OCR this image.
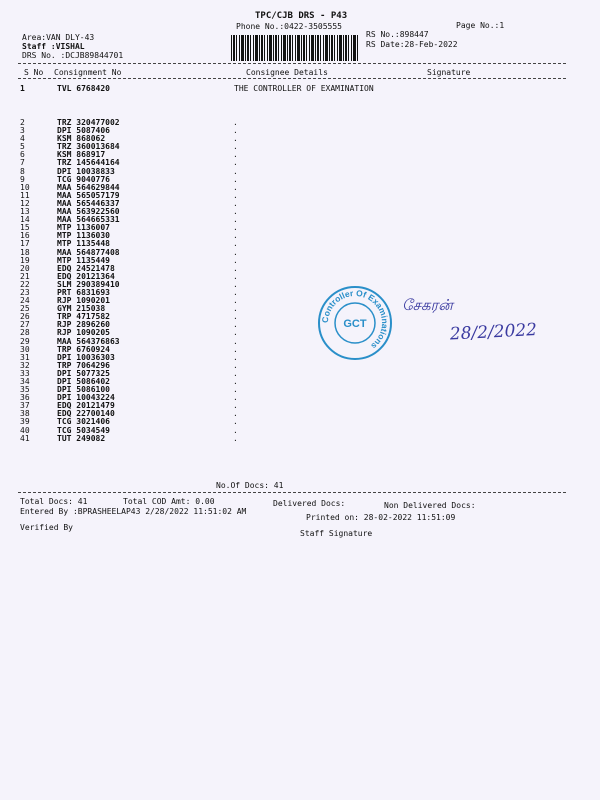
TPC/CJB DRS - P43
Phone No.:0422-3505555	Page No.:1
Area:VAN DLY-43
Staff :VISHAL
DRS No. :DCJB89844701
RS No.:898447
RS Date:28-Feb-2022
S No Consignment No	Consignee Details	Signature
1	TVL 6768420	THE CONTROLLER OF EXAMINATION
2	TRZ 320477002	.
3	DPI 5087406	.
4	KSM 868062	.
5	TRZ 360013684	.
6	KSM 868917	.
7	TRZ 145644164	.
8	DPI 10038833	.
9	TCG 9040776	.
10	MAA 564629844	.
11	MAA 565057179	.
12	MAA 565446337	.
13	MAA 563922560	.
14	MAA 564665331	.
15	MTP 1136007	.
16	MTP 1136030	.
17	MTP 1135448	.
18	MAA 564877408	.
19	MTP 1135449	.
20	EDQ 24521478	.
21	EDQ 20121364	.
22	SLM 290389410	.
23	PRT 6831693	.
24	RJP 1090201	.
25	GYM 215038	.
26	TRP 4717582	.
27	RJP 2896260	.
28	RJP 1090205	.
29	MAA 564376863	.
30	TRP 6760924	.
31	DPI 10036303	.
32	TRP 7064296	.
33	DPI 5077325	.
34	DPI 5086402	.
35	DPI 5086100	.
36	DPI 10043224	.
37	EDQ 20121479	.
38	EDQ 22700140	.
39	TCG 3021406	.
40	TCG 5034549	.
41	TUT 249082	.
No.Of Docs: 41
Total Docs: 41	Total COD Amt: 0.00	Delivered Docs:	Non Delivered Docs:
Entered By :BPRASHEELAP43 2/28/2022 11:51:02 AM
Printed on: 28-02-2022 11:51:09
Verified By
Staff Signature
Controller Of Examinations
GCT
சேகரன்
28/2/2022
